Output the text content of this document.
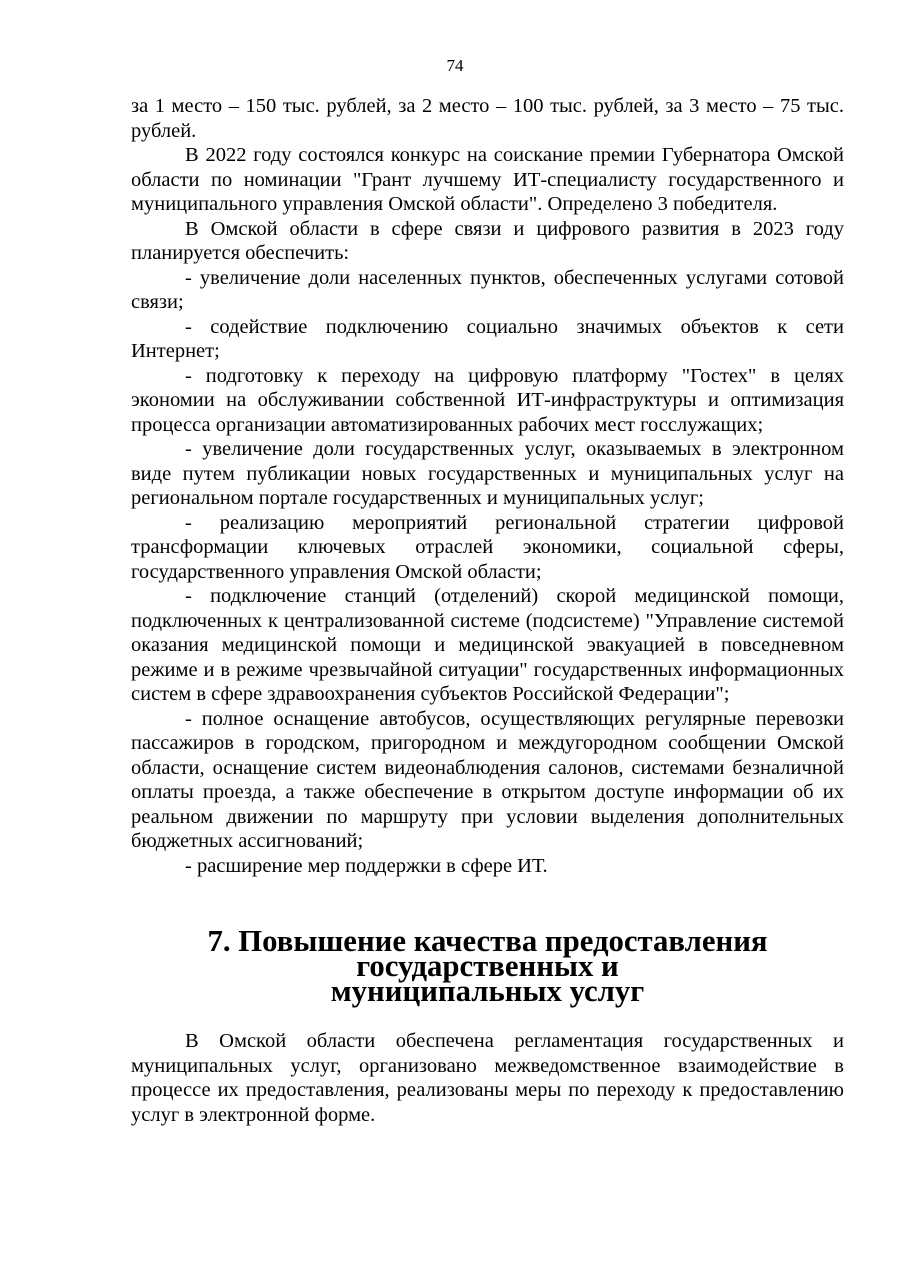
74

за 1 место – 150 тыс. рублей, за 2 место – 100 тыс. рублей, за 3 место – 75 тыс. рублей.

В 2022 году состоялся конкурс на соискание премии Губернатора Омской области по номинации "Грант лучшему ИТ-специалисту государственного и муниципального управления Омской области". Определено 3 победителя.

В Омской области в сфере связи и цифрового развития в 2023 году планируется обеспечить:

- увеличение доли населенных пунктов, обеспеченных услугами сотовой связи;

- содействие подключению социально значимых объектов к сети Интернет;

- подготовку к переходу на цифровую платформу "Гостех" в целях экономии на обслуживании собственной ИТ-инфраструктуры и оптимизация процесса организации автоматизированных рабочих мест госслужащих;

- увеличение доли государственных услуг, оказываемых в электронном виде путем публикации новых государственных и муниципальных услуг на региональном портале государственных и муниципальных услуг;

- реализацию мероприятий региональной стратегии цифровой трансформации ключевых отраслей экономики, социальной сферы, государственного управления Омской области;

- подключение станций (отделений) скорой медицинской помощи, подключенных к централизованной системе (подсистеме) "Управление системой оказания медицинской помощи и медицинской эвакуацией в повседневном режиме и в режиме чрезвычайной ситуации" государственных информационных систем в сфере здравоохранения субъектов Российской Федерации";

- полное оснащение автобусов, осуществляющих регулярные перевозки пассажиров в городском, пригородном и междугородном сообщении Омской области, оснащение систем видеонаблюдения салонов, системами безналичной оплаты проезда, а также обеспечение в открытом доступе информации об их реальном движении по маршруту при условии выделения дополнительных бюджетных ассигнований;

- расширение мер поддержки в сфере ИТ.

7. Повышение качества предоставления государственных и
муниципальных услуг

В Омской области обеспечена регламентация государственных и муниципальных услуг, организовано межведомственное взаимодействие в процессе их предоставления, реализованы меры по переходу к предоставлению услуг в электронной форме.
